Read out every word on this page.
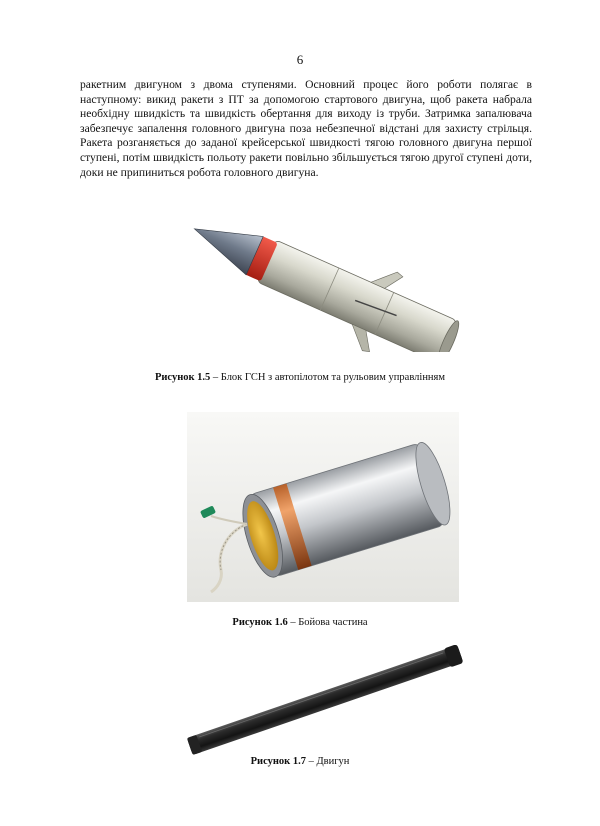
6

ракетним двигуном з двома ступенями. Основний процес його роботи полягає в наступному: викид ракети з ПТ за допомогою стартового двигуна, щоб ракета набрала необхідну швидкість та швидкість обертання для виходу із труби. Затримка запалювача забезпечує запалення головного двигуна поза небезпечної відстані для захисту стрільця. Ракета розганяється до заданої крейсерської швидкості тягою головного двигуна першої ступені, потім швидкість польоту ракети повільно збільшується тягою другої ступені доти, доки не припиниться робота головного двигуна.

Рисунок 1.5 – Блок ГСН з автопілотом та рульовим управлінням
Рисунок 1.6 – Бойова частина
Рисунок 1.7 – Двигун
